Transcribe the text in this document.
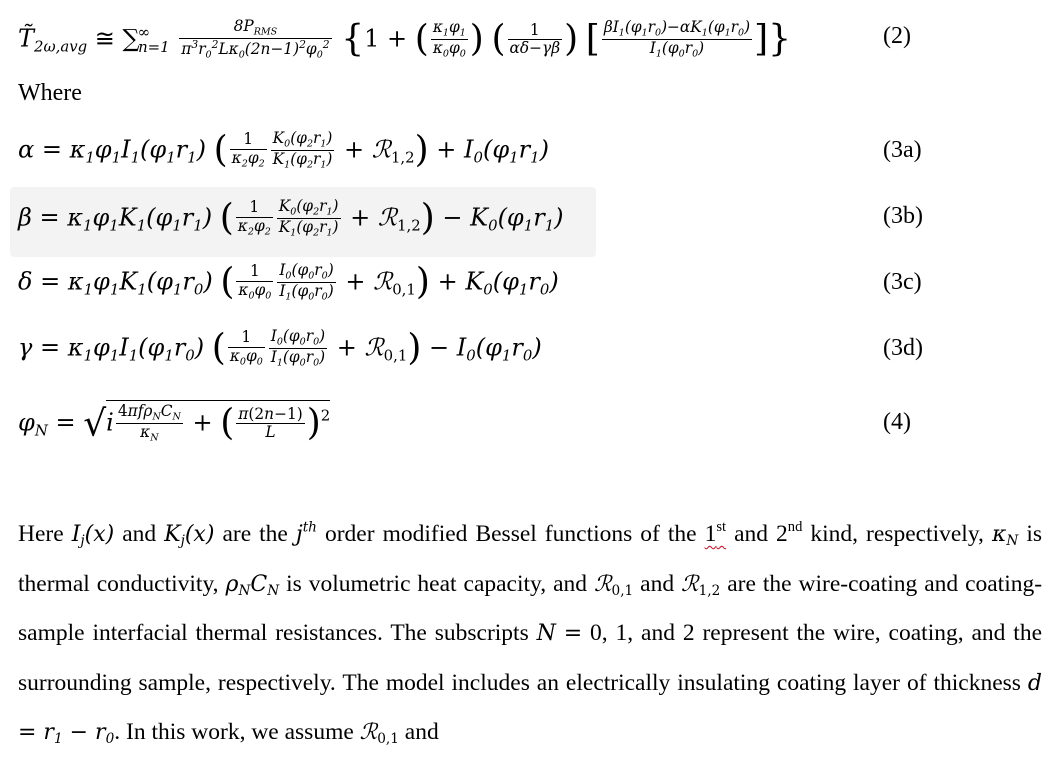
$T̃_{2\omega,avg}$ ≅ $\sum^\infty_{n=1} \frac{8P_{RMS}}{\pi^3r_0^2L\kappa_0(2n-1)^2\varphi_0^2} \{1$ + ( $\frac{\kappa_1\varphi_1}{\kappa_0\varphi_0}$ ) ( $\frac{1}{\alpha\delta-\gamma\beta}$ ) [ $\frac{\beta I_1(\varphi_1r_0)-\alpha K_1(\varphi_1r_0)}{I_1(\varphi_0r_0)}$ ]}	(2)
Where
$\alpha = \kappa_1\varphi_1I_1(\varphi_1r_1)$ ( $\frac{1}{\kappa_2\varphi_2} \frac{K_0(\varphi_2r_1)}{K_1(\varphi_2r_1)}$ + ℛ$_{1,2}$) + $I_0(\varphi_1r_1)$	(3a)
$\beta = \kappa_1\varphi_1K_1(\varphi_1r_1)$ ( $\frac{1}{\kappa_2\varphi_2} \frac{K_0(\varphi_2r_1)}{K_1(\varphi_2r_1)}$ + ℛ$_{1,2}$) − $K_0(\varphi_1r_1)$	(3b)
$\delta = \kappa_1\varphi_1K_1(\varphi_1r_0)$ ( $\frac{1}{\kappa_0\varphi_0} \frac{I_0(\varphi_0r_0)}{I_1(\varphi_0r_0)}$ + ℛ$_{0,1}$) + $K_0(\varphi_1r_0)$	(3c)
$\gamma = \kappa_1\varphi_1I_1(\varphi_1r_0)$ ( $\frac{1}{\kappa_0\varphi_0} \frac{I_0(\varphi_0r_0)}{I_1(\varphi_0r_0)}$ + ℛ$_{0,1}$) − $I_0(\varphi_1r_0)$	(3d)
$\varphi_N = √i \frac{4\pi f\rho_NC_N}{\kappa_N}$ + ( $\frac{\pi(2n-1)}{L} )^2$	(4)
Here Ij(x) and Kj(x) are the $j^{th}$ order modified Bessel functions of the 1st and 2nd kind, respectively, κN is thermal conductivity, ρNCN is volumetric heat capacity, and ℛ0,1 and ℛ1,2 are the wire-coating and coating-sample interfacial thermal resistances. The subscripts N = 0, 1, and 2 represent the wire, coating, and the surrounding sample, respectively. The model includes an electrically insulating coating layer of thickness d = r1 − r0. In this work, we assume ℛ0,1 and
